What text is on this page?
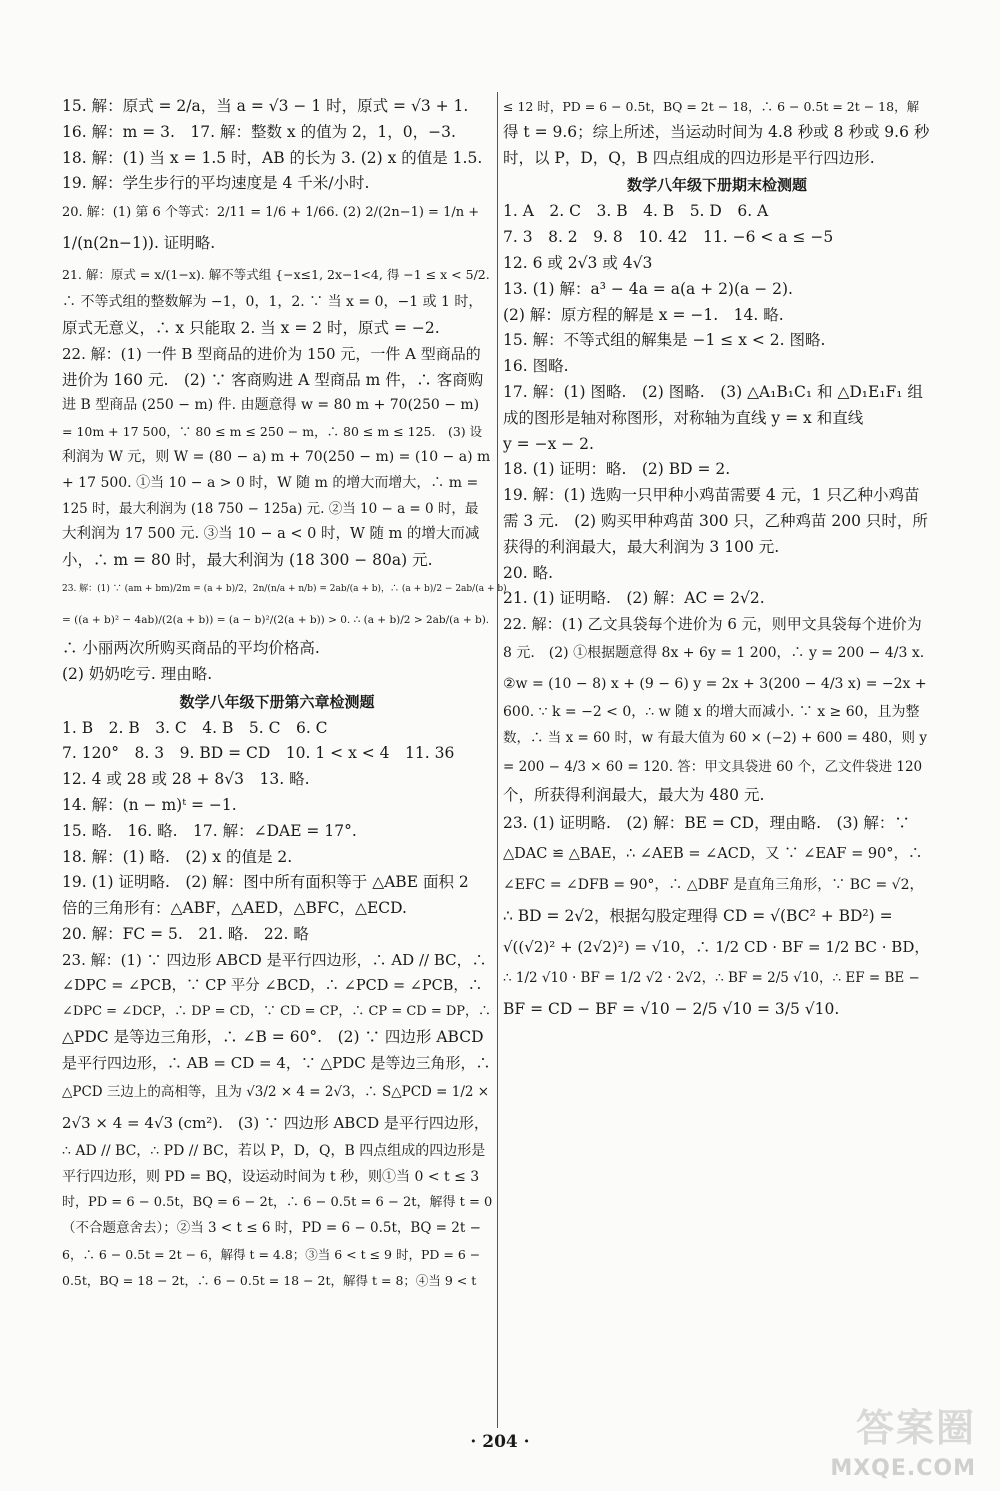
15. 解：原式 = 2/a，当 a = √3 − 1 时，原式 = √3 + 1.
16. 解：m = 3.　17. 解：整数 x 的值为 2，1，0，−3.
18. 解：(1) 当 x = 1.5 时，AB 的长为 3. (2) x 的值是 1.5.
19. 解：学生步行的平均速度是 4 千米/小时.
20. 解：(1) 第 6 个等式：2/11 = 1/6 + 1/66. (2) 2/(2n−1) = 1/n +
1/(n(2n−1)). 证明略.
21. 解：原式 = x/(1−x). 解不等式组 {−x≤1, 2x−1<4, 得 −1 ≤ x < 5/2.
∴ 不等式组的整数解为 −1，0，1，2. ∵ 当 x = 0，−1 或 1 时，
原式无意义，∴ x 只能取 2. 当 x = 2 时，原式 = −2.
22. 解：(1) 一件 B 型商品的进价为 150 元，一件 A 型商品的
进价为 160 元.　(2) ∵ 客商购进 A 型商品 m 件，∴ 客商购
进 B 型商品 (250 − m) 件. 由题意得 w = 80 m + 70(250 − m)
= 10m + 17 500，∵ 80 ≤ m ≤ 250 − m，∴ 80 ≤ m ≤ 125.　(3) 设
利润为 W 元，则 W = (80 − a) m + 70(250 − m) = (10 − a) m
+ 17 500. ①当 10 − a > 0 时，W 随 m 的增大而增大，∴ m =
125 时，最大利润为 (18 750 − 125a) 元. ②当 10 − a = 0 时，最
大利润为 17 500 元. ③当 10 − a < 0 时，W 随 m 的增大而减
小，∴ m = 80 时，最大利润为 (18 300 − 80a) 元.
23. 解：(1) ∵ (am + bm)/2m = (a + b)/2，2n/(n/a + n/b) = 2ab/(a + b)，∴ (a + b)/2 − 2ab/(a + b)
= ((a + b)² − 4ab)/(2(a + b)) = (a − b)²/(2(a + b)) > 0. ∴ (a + b)/2 > 2ab/(a + b).
∴ 小丽两次所购买商品的平均价格高.
(2) 奶奶吃亏. 理由略.
数学八年级下册第六章检测题
1. B　2. B　3. C　4. B　5. C　6. C
7. 120°　8. 3　9. BD = CD　10. 1 < x < 4　11. 36
12. 4 或 28 或 28 + 8√3　13. 略.
14. 解：(n − m)ᵗ = −1.
15. 略.　16. 略.　17. 解：∠DAE = 17°.
18. 解：(1) 略.　(2) x 的值是 2.
19. (1) 证明略.　(2) 解：图中所有面积等于 △ABE 面积 2
倍的三角形有：△ABF，△AED，△BFC，△ECD.
20. 解：FC = 5.　21. 略.　22. 略
23. 解：(1) ∵ 四边形 ABCD 是平行四边形，∴ AD // BC，∴
∠DPC = ∠PCB，∵ CP 平分 ∠BCD，∴ ∠PCD = ∠PCB，∴
∠DPC = ∠DCP，∴ DP = CD，∵ CD = CP，∴ CP = CD = DP，∴
△PDC 是等边三角形，∴ ∠B = 60°.　(2) ∵ 四边形 ABCD
是平行四边形，∴ AB = CD = 4，∵ △PDC 是等边三角形，∴
△PCD 三边上的高相等，且为 √3/2 × 4 = 2√3，∴ S△PCD = 1/2 ×
2√3 × 4 = 4√3 (cm²).　(3) ∵ 四边形 ABCD 是平行四边形，
∴ AD // BC，∴ PD // BC，若以 P，D，Q，B 四点组成的四边形是
平行四边形，则 PD = BQ，设运动时间为 t 秒，则①当 0 < t ≤ 3
时，PD = 6 − 0.5t，BQ = 6 − 2t，∴ 6 − 0.5t = 6 − 2t，解得 t = 0
（不合题意舍去）；②当 3 < t ≤ 6 时，PD = 6 − 0.5t，BQ = 2t −
6，∴ 6 − 0.5t = 2t − 6，解得 t = 4.8；③当 6 < t ≤ 9 时，PD = 6 −
0.5t，BQ = 18 − 2t，∴ 6 − 0.5t = 18 − 2t，解得 t = 8；④当 9 < t
≤ 12 时，PD = 6 − 0.5t，BQ = 2t − 18，∴ 6 − 0.5t = 2t − 18，解
得 t = 9.6；综上所述，当运动时间为 4.8 秒或 8 秒或 9.6 秒
时，以 P，D，Q，B 四点组成的四边形是平行四边形.
数学八年级下册期末检测题
1. A　2. C　3. B　4. B　5. D　6. A
7. 3　8. 2　9. 8　10. 42　11. −6 < a ≤ −5
12. 6 或 2√3 或 4√3
13. (1) 解：a³ − 4a = a(a + 2)(a − 2).
(2) 解：原方程的解是 x = −1.　14. 略.
15. 解：不等式组的解集是 −1 ≤ x < 2. 图略.
16. 图略.
17. 解：(1) 图略.　(2) 图略.　(3) △A₁B₁C₁ 和 △D₁E₁F₁ 组
成的图形是轴对称图形，对称轴为直线 y = x 和直线
y = −x − 2.
18. (1) 证明：略.　(2) BD = 2.
19. 解：(1) 选购一只甲种小鸡苗需要 4 元，1 只乙种小鸡苗
需 3 元.　(2) 购买甲种鸡苗 300 只，乙种鸡苗 200 只时，所
获得的利润最大，最大利润为 3 100 元.
20. 略.
21. (1) 证明略.　(2) 解：AC = 2√2.
22. 解：(1) 乙文具袋每个进价为 6 元，则甲文具袋每个进价为
8 元.　(2) ①根据题意得 8x + 6y = 1 200，∴ y = 200 − 4/3 x.
②w = (10 − 8) x + (9 − 6) y = 2x + 3(200 − 4/3 x) = −2x +
600. ∵ k = −2 < 0，∴ w 随 x 的增大而减小. ∵ x ≥ 60，且为整
数，∴ 当 x = 60 时，w 有最大值为 60 × (−2) + 600 = 480，则 y
= 200 − 4/3 × 60 = 120. 答：甲文具袋进 60 个，乙文件袋进 120
个，所获得利润最大，最大为 480 元.
23. (1) 证明略.　(2) 解：BE = CD，理由略.　(3) 解：∵
△DAC ≌ △BAE，∴ ∠AEB = ∠ACD，又 ∵ ∠EAF = 90°，∴
∠EFC = ∠DFB = 90°，∴ △DBF 是直角三角形，∵ BC = √2，
∴ BD = 2√2，根据勾股定理得 CD = √(BC² + BD²) =
√((√2)² + (2√2)²) = √10，∴ 1/2 CD · BF = 1/2 BC · BD，
∴ 1/2 √10 · BF = 1/2 √2 · 2√2，∴ BF = 2/5 √10，∴ EF = BE −
BF = CD − BF = √10 − 2/5 √10 = 3/5 √10.
· 204 ·	答案圈
MXQE.COM
